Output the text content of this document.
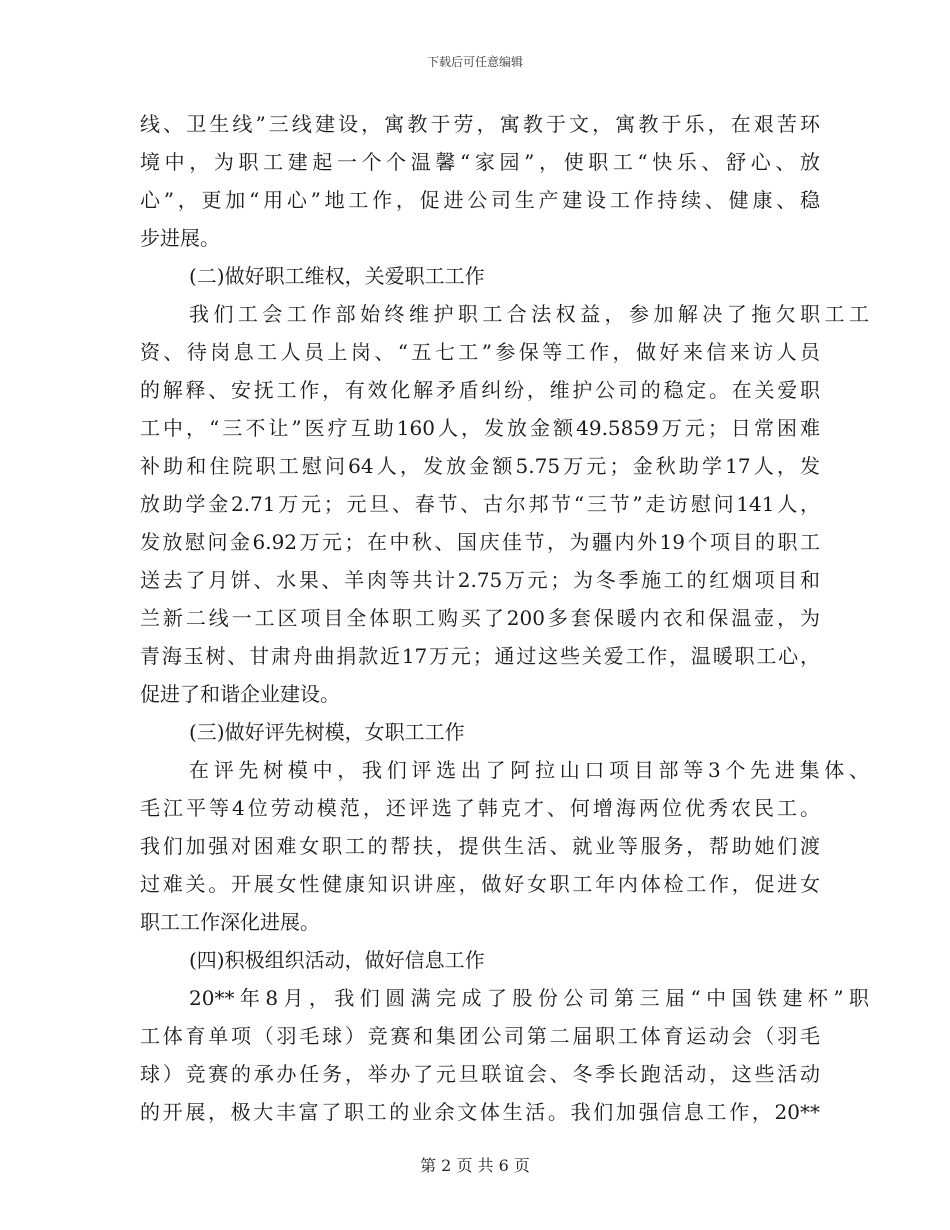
下载后可任意编辑
线、卫生线”三线建设，寓教于劳，寓教于文，寓教于乐，在艰苦环
境中，为职工建起一个个温馨“家园”，使职工“快乐、舒心、放
心”，更加“用心”地工作，促进公司生产建设工作持续、健康、稳
步进展。
(二)做好职工维权，关爱职工工作
我们工会工作部始终维护职工合法权益，参加解决了拖欠职工工
资、待岗息工人员上岗、“五七工”参保等工作，做好来信来访人员
的解释、安抚工作，有效化解矛盾纠纷，维护公司的稳定。在关爱职
工中，“三不让”医疗互助160人，发放金额49.5859万元；日常困难
补助和住院职工慰问64人，发放金额5.75万元；金秋助学17人，发
放助学金2.71万元；元旦、春节、古尔邦节“三节”走访慰问141人，
发放慰问金6.92万元；在中秋、国庆佳节，为疆内外19个项目的职工
送去了月饼、水果、羊肉等共计2.75万元；为冬季施工的红烟项目和
兰新二线一工区项目全体职工购买了200多套保暖内衣和保温壶，为
青海玉树、甘肃舟曲捐款近17万元；通过这些关爱工作，温暖职工心，
促进了和谐企业建设。
(三)做好评先树模，女职工工作
在评先树模中，我们评选出了阿拉山口项目部等3个先进集体、
毛江平等4位劳动模范，还评选了韩克才、何增海两位优秀农民工。
我们加强对困难女职工的帮扶，提供生活、就业等服务，帮助她们渡
过难关。开展女性健康知识讲座，做好女职工年内体检工作，促进女
职工工作深化进展。
(四)积极组织活动，做好信息工作
20**年8月，我们圆满完成了股份公司第三届“中国铁建杯”职
工体育单项（羽毛球）竞赛和集团公司第二届职工体育运动会（羽毛
球）竞赛的承办任务，举办了元旦联谊会、冬季长跑活动，这些活动
的开展，极大丰富了职工的业余文体生活。我们加强信息工作，20**
第 2 页 共 6 页
